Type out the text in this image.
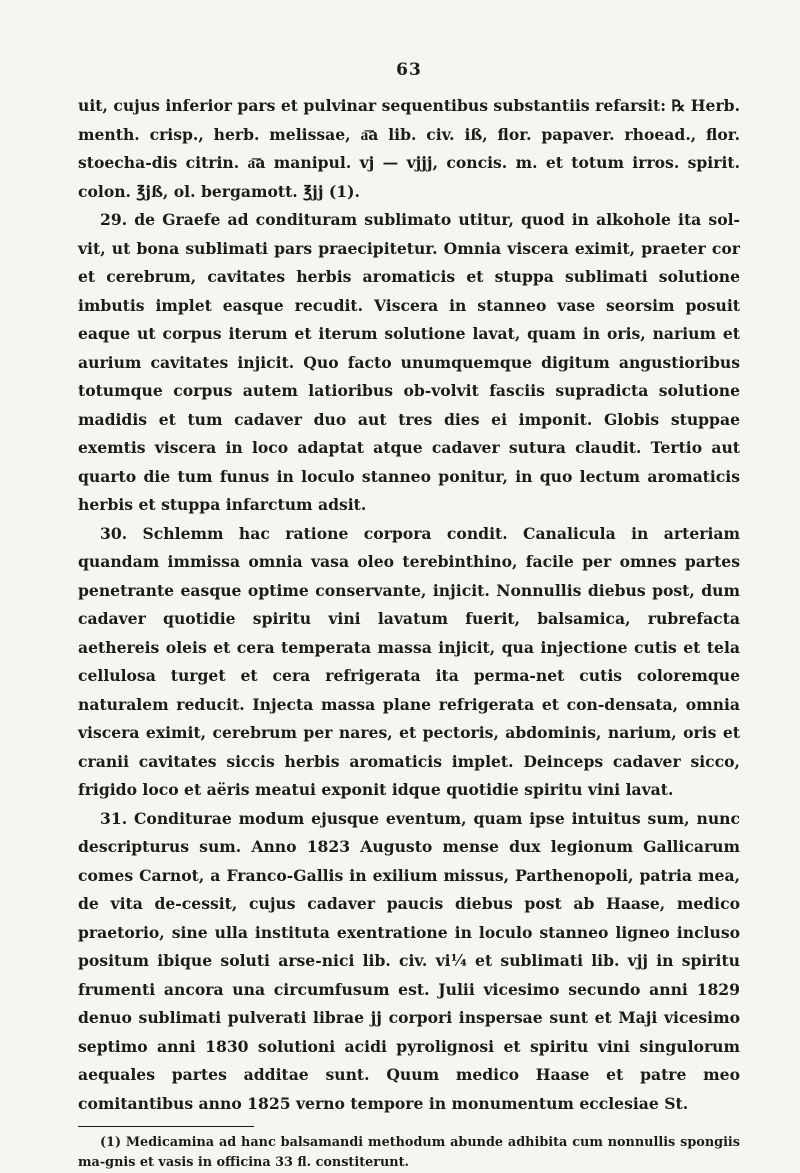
63

uit, cujus inferior pars et pulvinar sequentibus substantiis refarsit: ℞ Herb. menth. crisp., herb. melissae, a͞a lib. civ. iß, flor. papaver. rhoead., flor. stoecha-dis citrin. a͞a manipul. vj — vjjj, concis. m. et totum irros. spirit. colon. ℥jß, ol. bergamott. ℥jj (1).

29. de Graefe ad condituram sublimato utitur, quod in alkohole ita sol-vit, ut bona sublimati pars praecipitetur. Omnia viscera eximit, praeter cor et cerebrum, cavitates herbis aromaticis et stuppa sublimati solutione imbutis implet easque recudit. Viscera in stanneo vase seorsim posuit eaque ut corpus iterum et iterum solutione lavat, quam in oris, narium et aurium cavitates injicit. Quo facto unumquemque digitum angustioribus totumque corpus autem latioribus ob-volvit fasciis supradicta solutione madidis et tum cadaver duo aut tres dies ei imponit. Globis stuppae exemtis viscera in loco adaptat atque cadaver sutura claudit. Tertio aut quarto die tum funus in loculo stanneo ponitur, in quo lectum aromaticis herbis et stuppa infarctum adsit.

30. Schlemm hac ratione corpora condit. Canalicula in arteriam quandam immissa omnia vasa oleo terebinthino, facile per omnes partes penetrante easque optime conservante, injicit. Nonnullis diebus post, dum cadaver quotidie spiritu vini lavatum fuerit, balsamica, rubrefacta aethereis oleis et cera temperata massa injicit, qua injectione cutis et tela cellulosa turget et cera refrigerata ita perma-net cutis coloremque naturalem reducit. Injecta massa plane refrigerata et con-densata, omnia viscera eximit, cerebrum per nares, et pectoris, abdominis, narium, oris et cranii cavitates siccis herbis aromaticis implet. Deinceps cadaver sicco, frigido loco et aëris meatui exponit idque quotidie spiritu vini lavat.

31. Conditurae modum ejusque eventum, quam ipse intuitus sum, nunc descripturus sum. Anno 1823 Augusto mense dux legionum Gallicarum comes Carnot, a Franco-Gallis in exilium missus, Parthenopoli, patria mea, de vita de-cessit, cujus cadaver paucis diebus post ab Haase, medico praetorio, sine ulla instituta exentratione in loculo stanneo ligneo incluso positum ibique soluti arse-nici lib. civ. vi¼ et sublimati lib. vjj in spiritu frumenti ancora una circumfusum est. Julii vicesimo secundo anni 1829 denuo sublimati pulverati librae jj corpori inspersae sunt et Maji vicesimo septimo anni 1830 solutioni acidi pyrolignosi et spiritu vini singulorum aequales partes additae sunt. Quum medico Haase et patre meo comitantibus anno 1825 verno tempore in monumentum ecclesiae St.

(1) Medicamina ad hanc balsamandi methodum abunde adhibita cum nonnullis spongiis ma-gnis et vasis in officina 33 fl. constiterunt.
